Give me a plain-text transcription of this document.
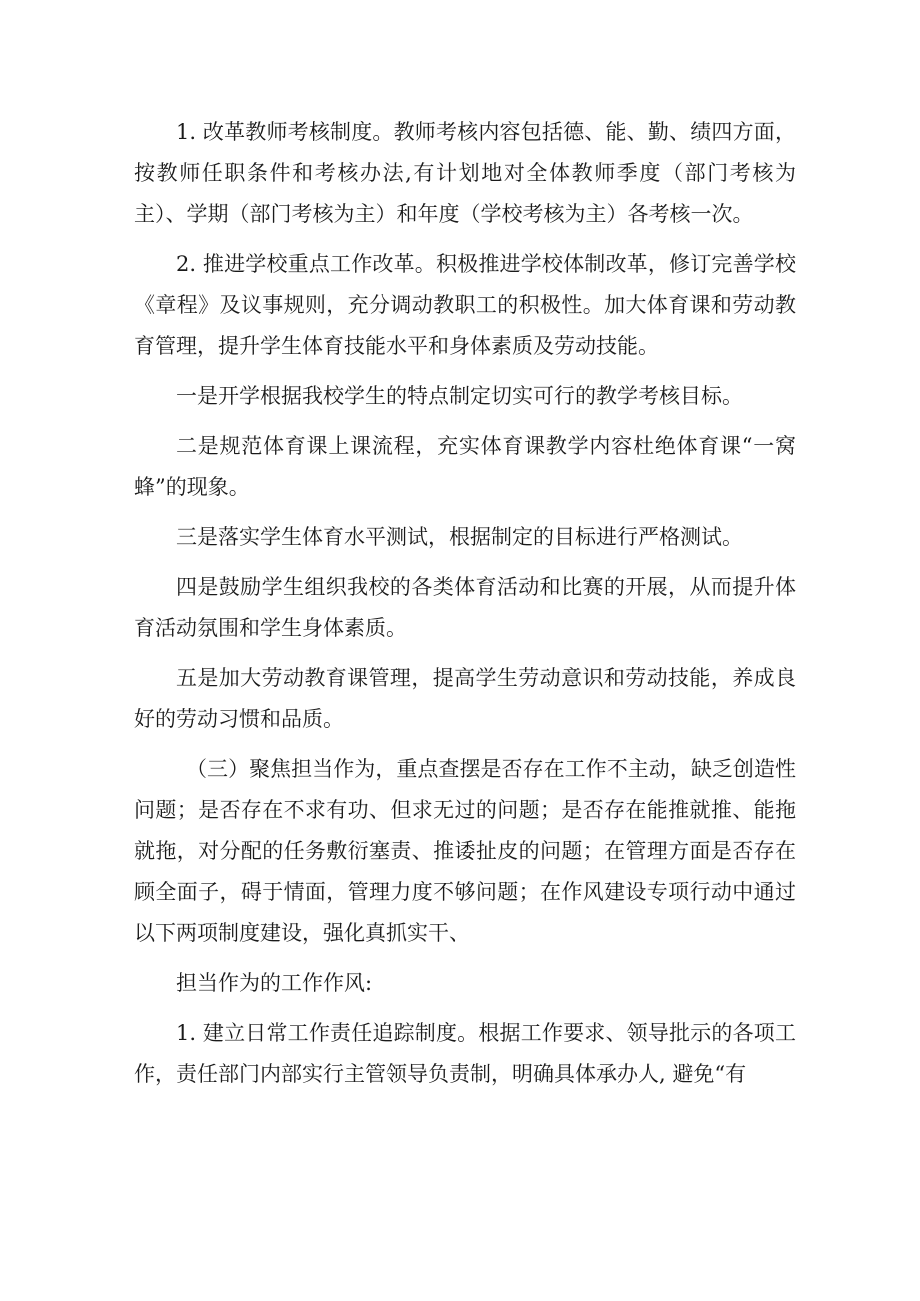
1. 改革教师考核制度。教师考核内容包括德、能、勤、绩四方面，按教师任职条件和考核办法,有计划地对全体教师季度（部门考核为主）、学期（部门考核为主）和年度（学校考核为主）各考核一次。

2. 推进学校重点工作改革。积极推进学校体制改革，修订完善学校《章程》及议事规则，充分调动教职工的积极性。加大体育课和劳动教育管理，提升学生体育技能水平和身体素质及劳动技能。

一是开学根据我校学生的特点制定切实可行的教学考核目标。

二是规范体育课上课流程，充实体育课教学内容杜绝体育课“一窝蜂”的现象。

三是落实学生体育水平测试，根据制定的目标进行严格测试。

四是鼓励学生组织我校的各类体育活动和比赛的开展，从而提升体育活动氛围和学生身体素质。

五是加大劳动教育课管理，提高学生劳动意识和劳动技能，养成良好的劳动习惯和品质。

（三）聚焦担当作为，重点查摆是否存在工作不主动，缺乏创造性问题；是否存在不求有功、但求无过的问题；是否存在能推就推、能拖就拖，对分配的任务敷衍塞责、推诿扯皮的问题；在管理方面是否存在顾全面子，碍于情面，管理力度不够问题；在作风建设专项行动中通过以下两项制度建设，强化真抓实干、

担当作为的工作作风:

1. 建立日常工作责任追踪制度。根据工作要求、领导批示的各项工作，责任部门内部实行主管领导负责制，明确具体承办人, 避免“有
